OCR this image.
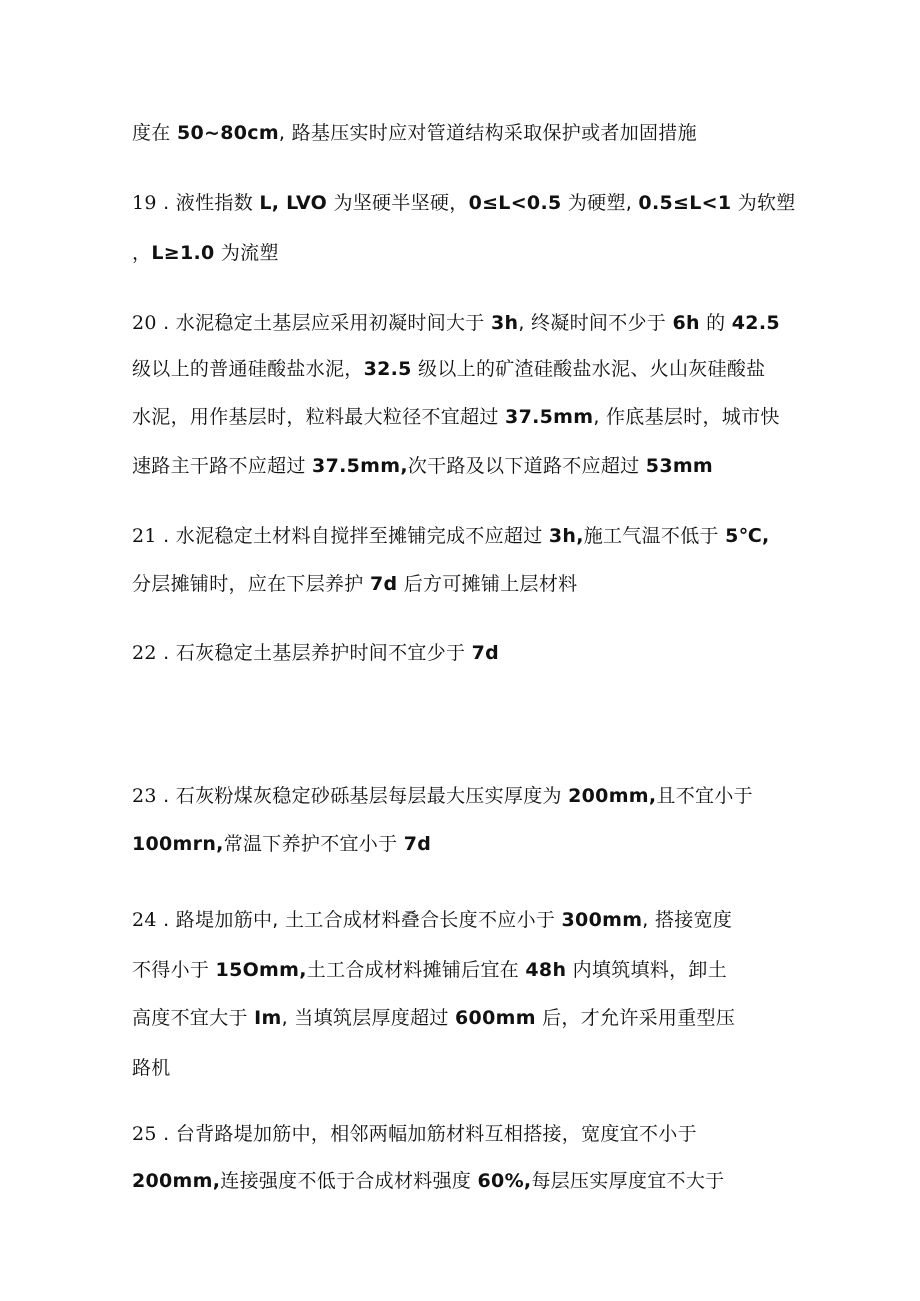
度在 50~80cm, 路基压实时应对管道结构采取保护或者加固措施
19 . 液性指数 L, LVO 为坚硬半坚硬，0≤L<0.5 为硬塑, 0.5≤L<1 为软塑
，L≥1.0 为流塑
20 . 水泥稳定土基层应采用初凝时间大于 3h, 终凝时间不少于 6h 的 42.5
级以上的普通硅酸盐水泥，32.5 级以上的矿渣硅酸盐水泥、火山灰硅酸盐
水泥，用作基层时，粒料最大粒径不宜超过 37.5mm, 作底基层时，城市快
速路主干路不应超过 37.5mm,次干路及以下道路不应超过 53mm
21 . 水泥稳定土材料自搅拌至摊铺完成不应超过 3h,施工气温不低于 5℃,
分层摊铺时，应在下层养护 7d 后方可摊铺上层材料
22 . 石灰稳定土基层养护时间不宜少于 7d
23 . 石灰粉煤灰稳定砂砾基层每层最大压实厚度为 200mm,且不宜小于
100mrn,常温下养护不宜小于 7d
24 . 路堤加筋中, 土工合成材料叠合长度不应小于 300mm, 搭接宽度
不得小于 15Omm,土工合成材料摊铺后宜在 48h 内填筑填料，卸土
高度不宜大于 Im, 当填筑层厚度超过 600mm 后，才允许采用重型压
路机
25 . 台背路堤加筋中，相邻两幅加筋材料互相搭接，宽度宜不小于
200mm,连接强度不低于合成材料强度 60%,每层压实厚度宜不大于
